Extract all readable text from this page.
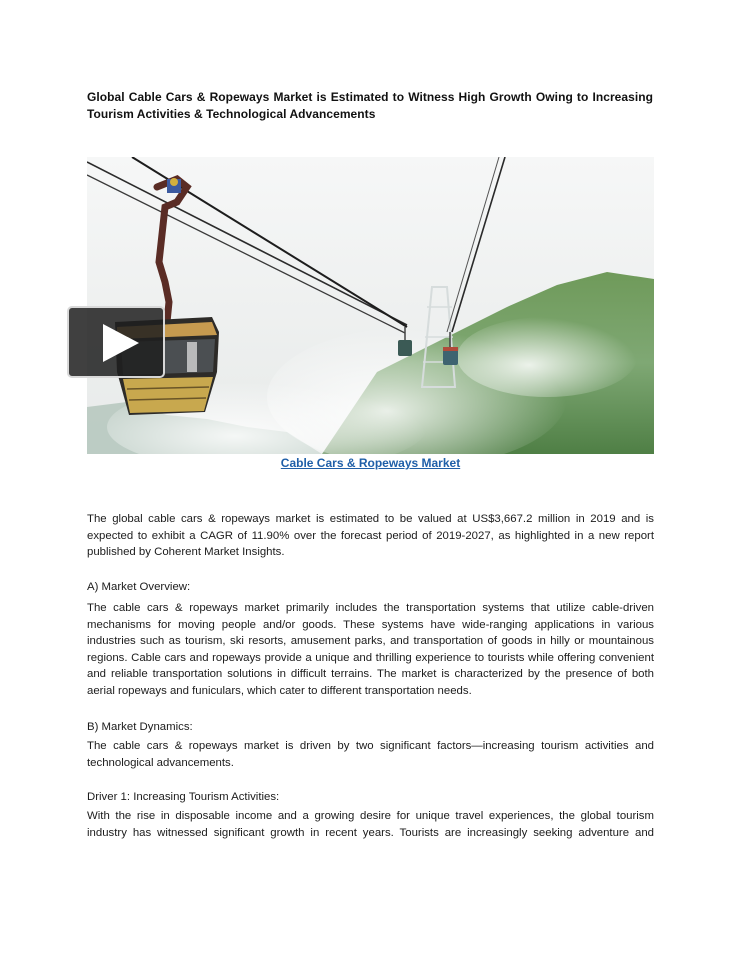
Global Cable Cars & Ropeways Market is Estimated to Witness High Growth Owing to Increasing Tourism Activities & Technological Advancements
Cable Cars & Ropeways Market
The global cable cars & ropeways market is estimated to be valued at US$3,667.2 million in 2019 and is expected to exhibit a CAGR of 11.90% over the forecast period of 2019-2027, as highlighted in a new report published by Coherent Market Insights.
A) Market Overview:
The cable cars & ropeways market primarily includes the transportation systems that utilize cable-driven mechanisms for moving people and/or goods. These systems have wide-ranging applications in various industries such as tourism, ski resorts, amusement parks, and transportation of goods in hilly or mountainous regions. Cable cars and ropeways provide a unique and thrilling experience to tourists while offering convenient and reliable transportation solutions in difficult terrains. The market is characterized by the presence of both aerial ropeways and funiculars, which cater to different transportation needs.
B) Market Dynamics:
The cable cars & ropeways market is driven by two significant factors—increasing tourism activities and technological advancements.
Driver 1: Increasing Tourism Activities:
With the rise in disposable income and a growing desire for unique travel experiences, the global tourism industry has witnessed significant growth in recent years. Tourists are increasingly seeking adventure and
